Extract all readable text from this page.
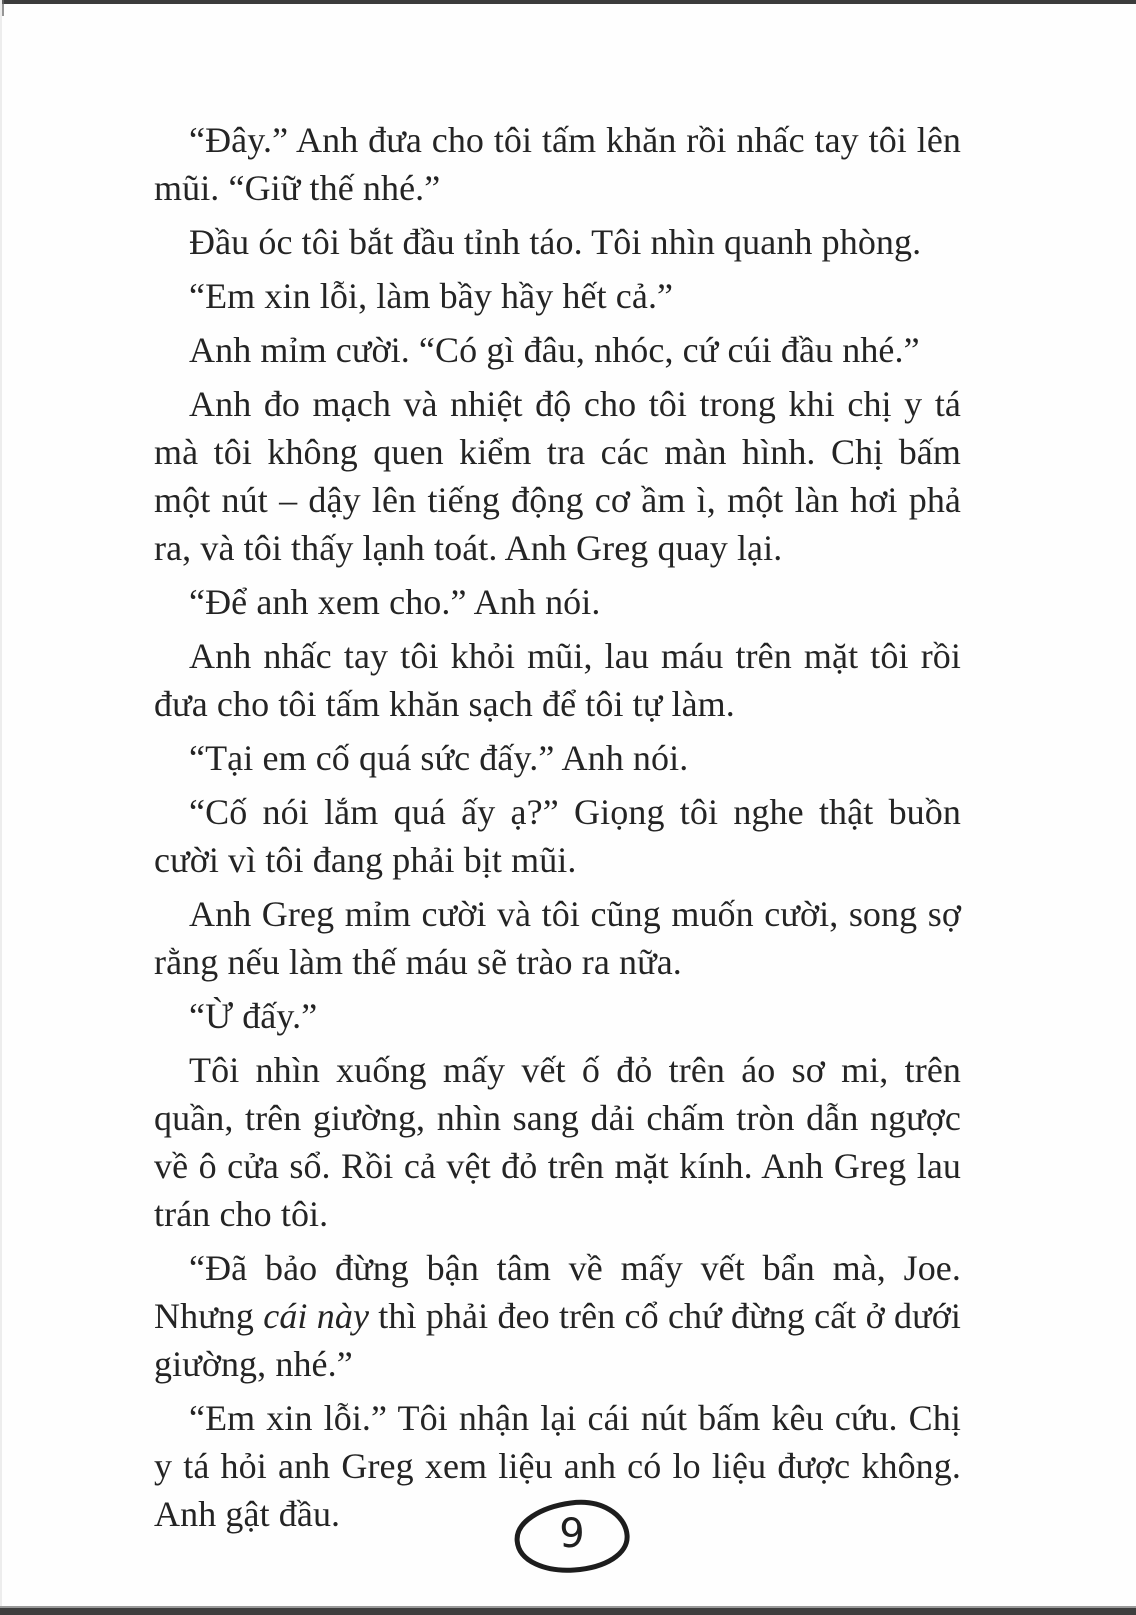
“Đây.” Anh đưa cho tôi tấm khăn rồi nhấc tay tôi lên mũi. “Giữ thế nhé.”

Đầu óc tôi bắt đầu tỉnh táo. Tôi nhìn quanh phòng.

“Em xin lỗi, làm bầy hầy hết cả.”

Anh mỉm cười. “Có gì đâu, nhóc, cứ cúi đầu nhé.”

Anh đo mạch và nhiệt độ cho tôi trong khi chị y tá mà tôi không quen kiểm tra các màn hình. Chị bấm một nút – dậy lên tiếng động cơ ầm ì, một làn hơi phả ra, và tôi thấy lạnh toát. Anh Greg quay lại.

“Để anh xem cho.” Anh nói.

Anh nhấc tay tôi khỏi mũi, lau máu trên mặt tôi rồi đưa cho tôi tấm khăn sạch để tôi tự làm.

“Tại em cố quá sức đấy.” Anh nói.

“Cố nói lắm quá ấy ạ?” Giọng tôi nghe thật buồn cười vì tôi đang phải bịt mũi.

Anh Greg mỉm cười và tôi cũng muốn cười, song sợ rằng nếu làm thế máu sẽ trào ra nữa.

“Ừ đấy.”

Tôi nhìn xuống mấy vết ố đỏ trên áo sơ mi, trên quần, trên giường, nhìn sang dải chấm tròn dẫn ngược về ô cửa sổ. Rồi cả vệt đỏ trên mặt kính. Anh Greg lau trán cho tôi.

“Đã bảo đừng bận tâm về mấy vết bẩn mà, Joe. Nhưng cái này thì phải đeo trên cổ chứ đừng cất ở dưới giường, nhé.”

“Em xin lỗi.” Tôi nhận lại cái nút bấm kêu cứu. Chị y tá hỏi anh Greg xem liệu anh có lo liệu được không. Anh gật đầu.	9
